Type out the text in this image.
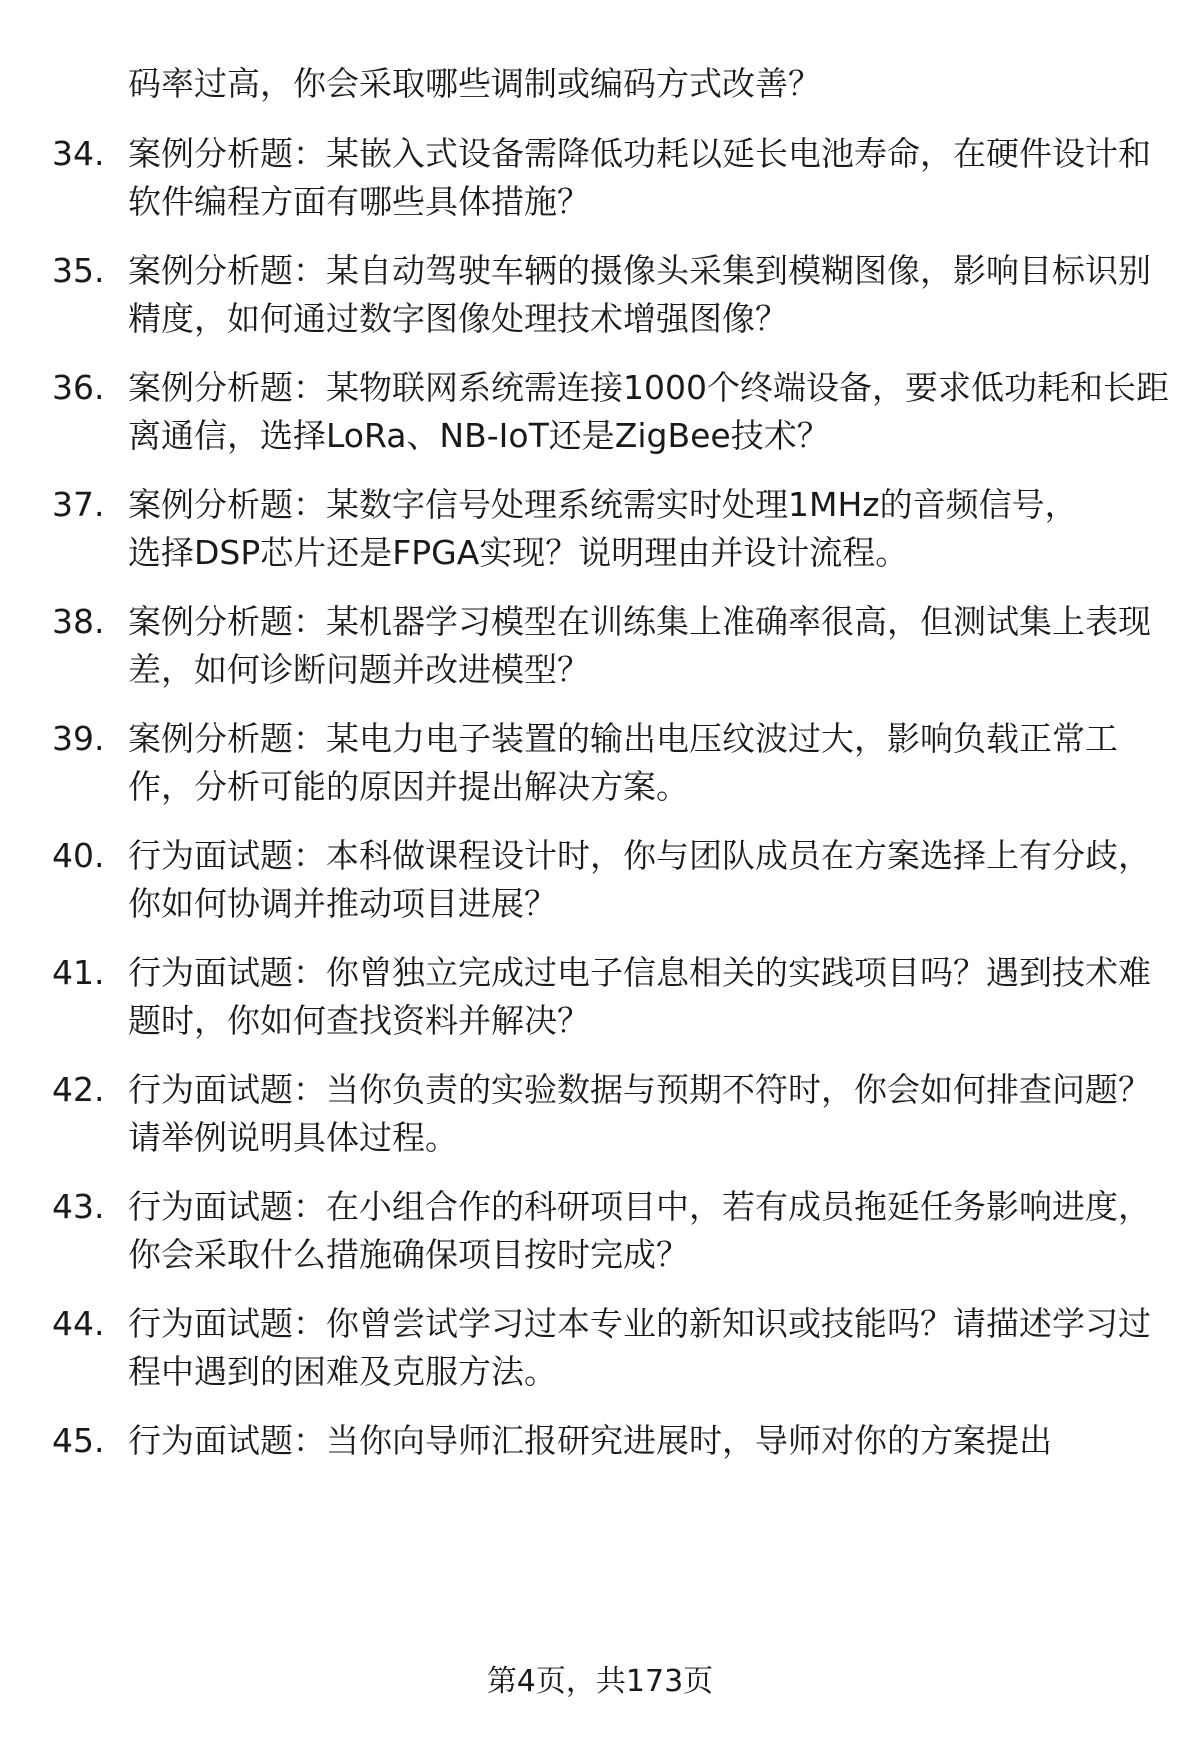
码率过高，你会采取哪些调制或编码方式改善？
34. 案例分析题：某嵌入式设备需降低功耗以延长电池寿命，在硬件设计和软件编程方面有哪些具体措施？
35. 案例分析题：某自动驾驶车辆的摄像头采集到模糊图像，影响目标识别精度，如何通过数字图像处理技术增强图像？
36. 案例分析题：某物联网系统需连接1000个终端设备，要求低功耗和长距离通信，选择LoRa、NB-IoT还是ZigBee技术？
37. 案例分析题：某数字信号处理系统需实时处理1MHz的音频信号，选择DSP芯片还是FPGA实现？说明理由并设计流程。
38. 案例分析题：某机器学习模型在训练集上准确率很高，但测试集上表现差，如何诊断问题并改进模型？
39. 案例分析题：某电力电子装置的输出电压纹波过大，影响负载正常工作，分析可能的原因并提出解决方案。
40. 行为面试题：本科做课程设计时，你与团队成员在方案选择上有分歧，你如何协调并推动项目进展？
41. 行为面试题：你曾独立完成过电子信息相关的实践项目吗？遇到技术难题时，你如何查找资料并解决？
42. 行为面试题：当你负责的实验数据与预期不符时，你会如何排查问题？请举例说明具体过程。
43. 行为面试题：在小组合作的科研项目中，若有成员拖延任务影响进度，你会采取什么措施确保项目按时完成？
44. 行为面试题：你曾尝试学习过本专业的新知识或技能吗？请描述学习过程中遇到的困难及克服方法。
45. 行为面试题：当你向导师汇报研究进展时，导师对你的方案提出
第4页，共173页
